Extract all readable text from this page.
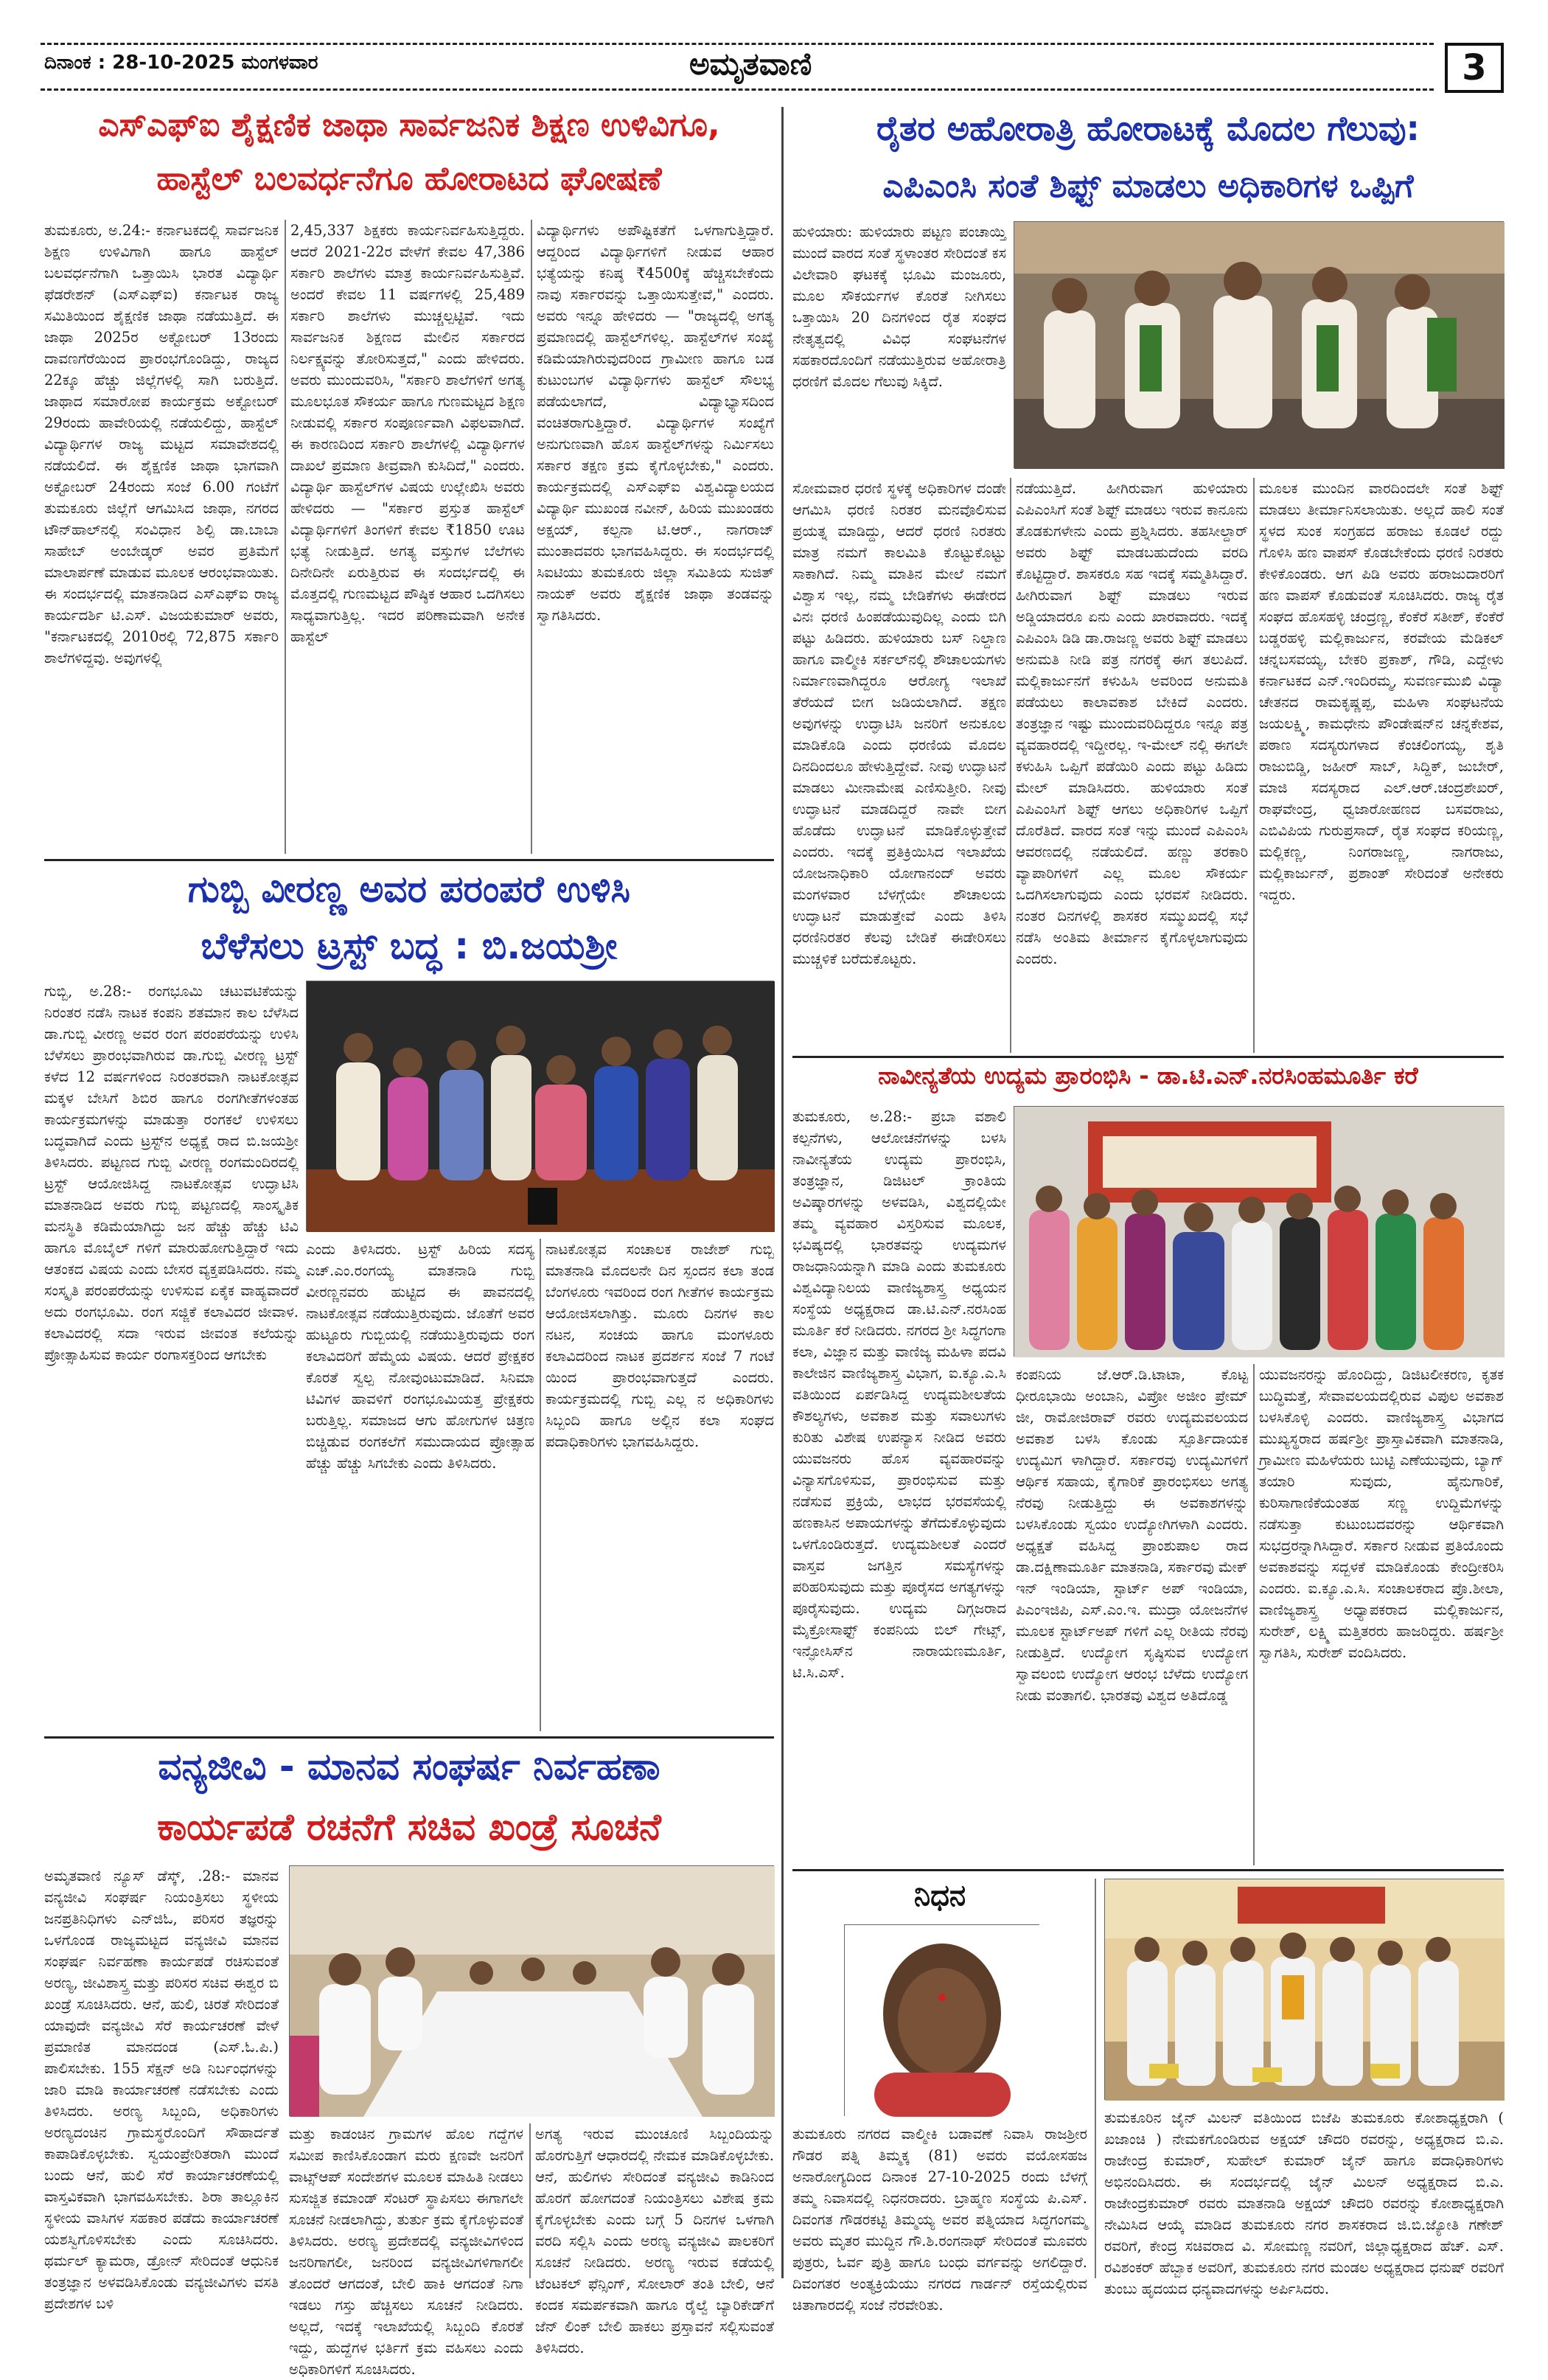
ದಿನಾಂಕ : 28-10-2025 ಮಂಗಳವಾರ	ಅಮೃತವಾಣಿ	3
ಎಸ್‌ಎಫ್‌ಐ ಶೈಕ್ಷಣಿಕ ಜಾಥಾ ಸಾರ್ವಜನಿಕ ಶಿಕ್ಷಣ ಉಳಿವಿಗೂ,
ಹಾಸ್ಟೆಲ್ ಬಲವರ್ಧನೆಗೂ ಹೋರಾಟದ ಘೋಷಣೆ
ತುಮಕೂರು, ಅ.24:- ಕರ್ನಾಟಕದಲ್ಲಿ ಸಾರ್ವಜನಿಕ ಶಿಕ್ಷಣ ಉಳಿವಿಗಾಗಿ ಹಾಗೂ ಹಾಸ್ಟೆಲ್ ಬಲವರ್ಧನೆಗಾಗಿ ಒತ್ತಾಯಿಸಿ ಭಾರತ ವಿದ್ಯಾರ್ಥಿ ಫೆಡರೇಶನ್ (ಎಸ್‌ಎಫ್‌ಐ) ಕರ್ನಾಟಕ ರಾಜ್ಯ ಸಮಿತಿಯಿಂದ ಶೈಕ್ಷಣಿಕ ಜಾಥಾ ನಡೆಯುತ್ತಿದೆ. ಈ ಜಾಥಾ 2025ರ ಅಕ್ಟೋಬರ್ 13ರಂದು ದಾವಣಗೆರೆಯಿಂದ ಪ್ರಾರಂಭಗೊಂಡಿದ್ದು, ರಾಜ್ಯದ 22ಕ್ಕೂ ಹೆಚ್ಚು ಜಿಲ್ಲೆಗಳಲ್ಲಿ ಸಾಗಿ ಬರುತ್ತಿದೆ. ಜಾಥಾದ ಸಮಾರೋಪ ಕಾರ್ಯಕ್ರಮ ಅಕ್ಟೋಬರ್ 29ರಂದು ಹಾವೇರಿಯಲ್ಲಿ ನಡೆಯಲಿದ್ದು, ಹಾಸ್ಟೆಲ್ ವಿದ್ಯಾರ್ಥಿಗಳ ರಾಜ್ಯ ಮಟ್ಟದ ಸಮಾವೇಶದಲ್ಲಿ ನಡೆಯಲಿದೆ. ಈ ಶೈಕ್ಷಣಿಕ ಜಾಥಾ ಭಾಗವಾಗಿ ಅಕ್ಟೋಬರ್ 24ರಂದು ಸಂಜೆ 6.00 ಗಂಟೆಗೆ ತುಮಕೂರು ಜಿಲ್ಲೆಗೆ ಆಗಮಿಸಿದ ಜಾಥಾ, ನಗರದ ಟೌನ್‌ಹಾಲ್‌ನಲ್ಲಿ ಸಂವಿಧಾನ ಶಿಲ್ಪಿ ಡಾ.ಬಾಬಾ ಸಾಹೇಬ್ ಅಂಬೇಡ್ಕರ್ ಅವರ ಪ್ರತಿಮೆಗೆ ಮಾಲಾರ್ಪಣೆ ಮಾಡುವ ಮೂಲಕ ಆರಂಭವಾಯಿತು. ಈ ಸಂದರ್ಭದಲ್ಲಿ ಮಾತನಾಡಿದ ಎಸ್‌ಎಫ್‌ಐ ರಾಜ್ಯ ಕಾರ್ಯದರ್ಶಿ ಟಿ.ಎಸ್. ವಿಜಯಕುಮಾರ್ ಅವರು, "ಕರ್ನಾಟಕದಲ್ಲಿ 2010ರಲ್ಲಿ 72,875 ಸರ್ಕಾರಿ ಶಾಲೆಗಳಿದ್ದವು. ಅವುಗಳಲ್ಲಿ
2,45,337 ಶಿಕ್ಷಕರು ಕಾರ್ಯನಿರ್ವಹಿಸುತ್ತಿದ್ದರು. ಆದರೆ 2021-22ರ ವೇಳೆಗೆ ಕೇವಲ 47,386 ಸರ್ಕಾರಿ ಶಾಲೆಗಳು ಮಾತ್ರ ಕಾರ್ಯನಿರ್ವಹಿಸುತ್ತಿವೆ. ಅಂದರೆ ಕೇವಲ 11 ವರ್ಷಗಳಲ್ಲಿ 25,489 ಸರ್ಕಾರಿ ಶಾಲೆಗಳು ಮುಚ್ಚಲ್ಪಟ್ಟಿವೆ. ಇದು ಸಾರ್ವಜನಿಕ ಶಿಕ್ಷಣದ ಮೇಲಿನ ಸರ್ಕಾರದ ನಿರ್ಲಕ್ಷ್ಯವನ್ನು ತೋರಿಸುತ್ತದೆ," ಎಂದು ಹೇಳಿದರು. ಅವರು ಮುಂದುವರಿಸಿ, "ಸರ್ಕಾರಿ ಶಾಲೆಗಳಿಗೆ ಅಗತ್ಯ ಮೂಲಭೂತ ಸೌಕರ್ಯ ಹಾಗೂ ಗುಣಮಟ್ಟದ ಶಿಕ್ಷಣ ನೀಡುವಲ್ಲಿ ಸರ್ಕಾರ ಸಂಪೂರ್ಣವಾಗಿ ವಿಫಲವಾಗಿದೆ. ಈ ಕಾರಣದಿಂದ ಸರ್ಕಾರಿ ಶಾಲೆಗಳಲ್ಲಿ ವಿದ್ಯಾರ್ಥಿಗಳ ದಾಖಲೆ ಪ್ರಮಾಣ ತೀವ್ರವಾಗಿ ಕುಸಿದಿದೆ," ಎಂದರು. ವಿದ್ಯಾರ್ಥಿ ಹಾಸ್ಟೆಲ್‌ಗಳ ವಿಷಯ ಉಲ್ಲೇಖಿಸಿ ಅವರು ಹೇಳಿದರು — "ಸರ್ಕಾರ ಪ್ರಸ್ತುತ ಹಾಸ್ಟೆಲ್ ವಿದ್ಯಾರ್ಥಿಗಳಿಗೆ ತಿಂಗಳಿಗೆ ಕೇವಲ ₹1850 ಊಟ ಭತ್ಯೆ ನೀಡುತ್ತಿದೆ. ಅಗತ್ಯ ವಸ್ತುಗಳ ಬೆಲೆಗಳು ದಿನೇದಿನೇ ಏರುತ್ತಿರುವ ಈ ಸಂದರ್ಭದಲ್ಲಿ ಈ ಮೊತ್ತದಲ್ಲಿ ಗುಣಮಟ್ಟದ ಪೌಷ್ಠಿಕ ಆಹಾರ ಒದಗಿಸಲು ಸಾಧ್ಯವಾಗುತ್ತಿಲ್ಲ. ಇದರ ಪರಿಣಾಮವಾಗಿ ಅನೇಕ ಹಾಸ್ಟೆಲ್
ವಿದ್ಯಾರ್ಥಿಗಳು ಅಪೌಷ್ಟಿಕತೆಗೆ ಒಳಗಾಗುತ್ತಿದ್ದಾರೆ. ಆದ್ದರಿಂದ ವಿದ್ಯಾರ್ಥಿಗಳಿಗೆ ನೀಡುವ ಆಹಾರ ಭತ್ಯೆಯನ್ನು ಕನಿಷ್ಠ ₹4500ಕ್ಕೆ ಹೆಚ್ಚಿಸಬೇಕೆಂದು ನಾವು ಸರ್ಕಾರವನ್ನು ಒತ್ತಾಯಿಸುತ್ತೇವೆ," ಎಂದರು. ಅವರು ಇನ್ನೂ ಹೇಳಿದರು — "ರಾಜ್ಯದಲ್ಲಿ ಅಗತ್ಯ ಪ್ರಮಾಣದಲ್ಲಿ ಹಾಸ್ಟೆಲ್‌ಗಳಿಲ್ಲ. ಹಾಸ್ಟೆಲ್‌ಗಳ ಸಂಖ್ಯೆ ಕಡಿಮೆಯಾಗಿರುವುದರಿಂದ ಗ್ರಾಮೀಣ ಹಾಗೂ ಬಡ ಕುಟುಂಬಗಳ ವಿದ್ಯಾರ್ಥಿಗಳು ಹಾಸ್ಟೆಲ್ ಸೌಲಭ್ಯ ಪಡೆಯಲಾಗದೆ, ವಿದ್ಯಾಭ್ಯಾಸದಿಂದ ವಂಚಿತರಾಗುತ್ತಿದ್ದಾರೆ. ವಿದ್ಯಾರ್ಥಿಗಳ ಸಂಖ್ಯೆಗೆ ಅನುಗುಣವಾಗಿ ಹೊಸ ಹಾಸ್ಟೆಲ್‌ಗಳನ್ನು ನಿರ್ಮಿಸಲು ಸರ್ಕಾರ ತಕ್ಷಣ ಕ್ರಮ ಕೈಗೊಳ್ಳಬೇಕು," ಎಂದರು. ಕಾರ್ಯಕ್ರಮದಲ್ಲಿ ಎಸ್‌ಎಫ್‌ಐ ವಿಶ್ವವಿದ್ಯಾಲಯದ ವಿದ್ಯಾರ್ಥಿ ಮುಖಂಡ ನವೀನ್, ಹಿರಿಯ ಮುಖಂಡರು ಅಕ್ಷಯ್, ಕಲ್ಪನಾ ಟಿ.ಆರ್., ನಾಗರಾಜ್ ಮುಂತಾದವರು ಭಾಗವಹಿಸಿದ್ದರು. ಈ ಸಂದರ್ಭದಲ್ಲಿ ಸಿಐಟಿಯು ತುಮಕೂರು ಜಿಲ್ಲಾ ಸಮಿತಿಯ ಸುಜಿತ್ ನಾಯಕ್ ಅವರು ಶೈಕ್ಷಣಿಕ ಜಾಥಾ ತಂಡವನ್ನು ಸ್ವಾಗತಿಸಿದರು.
ರೈತರ ಅಹೋರಾತ್ರಿ ಹೋರಾಟಕ್ಕೆ ಮೊದಲ ಗೆಲುವು:
ಎಪಿಎಂಸಿ ಸಂತೆ ಶಿಫ್ಟ್ ಮಾಡಲು ಅಧಿಕಾರಿಗಳ ಒಪ್ಪಿಗೆ
ಹುಳಿಯಾರು: ಹುಳಿಯಾರು ಪಟ್ಟಣ ಪಂಚಾಯ್ತಿ ಮುಂದೆ ವಾರದ ಸಂತೆ ಸ್ಥಳಾಂತರ ಸೇರಿದಂತೆ ಕಸ ವಿಲೇವಾರಿ ಘಟಕಕ್ಕೆ ಭೂಮಿ ಮಂಜೂರು, ಮೂಲ ಸೌಕರ್ಯಗಳ ಕೊರತೆ ನೀಗಿಸಲು ಒತ್ತಾಯಿಸಿ 20 ದಿನಗಳಿಂದ ರೈತ ಸಂಘದ ನೇತೃತ್ವದಲ್ಲಿ ವಿವಿಧ ಸಂಘಟನೆಗಳ ಸಹಕಾರದೊಂದಿಗೆ ನಡೆಯುತ್ತಿರುವ ಅಹೋರಾತ್ರಿ ಧರಣಿಗೆ ಮೊದಲ ಗೆಲುವು ಸಿಕ್ಕಿದೆ.
ಸೋಮವಾರ ಧರಣಿ ಸ್ಥಳಕ್ಕೆ ಅಧಿಕಾರಿಗಳ ದಂಡೇ ಆಗಮಿಸಿ ಧರಣಿ ನಿರತರ ಮನವೊಲಿಸುವ ಪ್ರಯತ್ನ ಮಾಡಿದ್ದು, ಆದರೆ ಧರಣಿ ನಿರತರು ಮಾತ್ರ ನಮಗೆ ಕಾಲಮಿತಿ ಕೊಟ್ಟುಕೊಟ್ಟು ಸಾಕಾಗಿದೆ. ನಿಮ್ಮ ಮಾತಿನ ಮೇಲೆ ನಮಗೆ ವಿಶ್ವಾಸ ಇಲ್ಲ, ನಮ್ಮ ಬೇಡಿಕೆಗಳು ಈಡೇರದ ವಿನಃ ಧರಣಿ ಹಿಂಪಡೆಯುವುದಿಲ್ಲ ಎಂದು ಬಿಗಿ ಪಟ್ಟು ಹಿಡಿದರು. ಹುಳಿಯಾರು ಬಸ್ ನಿಲ್ದಾಣ ಹಾಗೂ ವಾಲ್ಮೀಕಿ ಸರ್ಕಲ್‌ನಲ್ಲಿ ಶೌಚಾಲಯಗಳು ನಿರ್ಮಾಣವಾಗಿದ್ದರೂ ಆರೋಗ್ಯ ಇಲಾಖೆ ತೆರೆಯದೆ ಬೀಗ ಜಡಿಯಲಾಗಿದೆ. ತಕ್ಷಣ ಅವುಗಳನ್ನು ಉದ್ಘಾಟಿಸಿ ಜನರಿಗೆ ಅನುಕೂಲ ಮಾಡಿಕೊಡಿ ಎಂದು ಧರಣಿಯ ಮೊದಲ ದಿನದಿಂದಲೂ ಹೇಳುತ್ತಿದ್ದೇವೆ. ನೀವು ಉದ್ಘಾಟನೆ ಮಾಡಲು ಮೀನಾಮೇಷ ಎಣಿಸುತ್ತೀರಿ. ನೀವು ಉದ್ಘಾಟನೆ ಮಾಡದಿದ್ದರೆ ನಾವೇ ಬೀಗ ಹೊಡೆದು ಉದ್ಘಾಟನೆ ಮಾಡಿಕೊಳ್ಳುತ್ತೇವೆ ಎಂದರು. ಇದಕ್ಕೆ ಪ್ರತಿಕ್ರಿಯಿಸಿದ ಇಲಾಖೆಯ ಯೋಜನಾಧಿಕಾರಿ ಯೋಗಾನಂದ್ ಅವರು ಮಂಗಳವಾರ ಬೆಳಗ್ಗೆಯೇ ಶೌಚಾಲಯ ಉದ್ಘಾಟನೆ ಮಾಡುತ್ತೇವೆ ಎಂದು ತಿಳಿಸಿ ಧರಣಿನಿರತರ ಕೆಲವು ಬೇಡಿಕೆ ಈಡೇರಿಸಲು ಮುಚ್ಚಳಿಕೆ ಬರೆದುಕೊಟ್ಟರು.
ನಡೆಯುತ್ತಿದೆ. ಹೀಗಿರುವಾಗ ಹುಳಿಯಾರು ಎಪಿಎಂಸಿಗೆ ಸಂತೆ ಶಿಫ್ಟ್ ಮಾಡಲು ಇರುವ ಕಾನೂನು ತೊಡಕುಗಳೇನು ಎಂದು ಪ್ರಶ್ನಿಸಿದರು. ತಹಸೀಲ್ದಾರ್ ಅವರು ಶಿಫ್ಟ್ ಮಾಡಬಹುದೆಂದು ವರದಿ ಕೊಟ್ಟಿದ್ದಾರೆ. ಶಾಸಕರೂ ಸಹ ಇದಕ್ಕೆ ಸಮ್ಮತಿಸಿದ್ದಾರೆ. ಹೀಗಿರುವಾಗ ಶಿಫ್ಟ್ ಮಾಡಲು ಇರುವ ಅಡ್ಡಿಯಾದರೂ ಏನು ಎಂದು ಖಾರವಾದರು. ಇದಕ್ಕೆ ಎಪಿಎಂಸಿ ಡಿಡಿ ಡಾ.ರಾಜಣ್ಣ ಅವರು ಶಿಫ್ಟ್ ಮಾಡಲು ಅನುಮತಿ ನೀಡಿ ಪತ್ರ ನಗರಕ್ಕೆ ಈಗ ತಲುಪಿದೆ. ಮಲ್ಲಿಕಾರ್ಜುನಗೆ ಕಳುಹಿಸಿ ಅವರಿಂದ ಅನುಮತಿ ಪಡೆಯಲು ಕಾಲಾವಕಾಶ ಬೇಕಿದೆ ಎಂದರು. ತಂತ್ರಜ್ಞಾನ ಇಷ್ಟು ಮುಂದುವರಿದಿದ್ದರೂ ಇನ್ನೂ ಪತ್ರ ವ್ಯವಹಾರದಲ್ಲಿ ಇದ್ದೀರಲ್ಲ. ಇ-ಮೇಲ್ ನಲ್ಲಿ ಈಗಲೇ ಕಳುಹಿಸಿ ಒಪ್ಪಿಗೆ ಪಡೆಯಿರಿ ಎಂದು ಪಟ್ಟು ಹಿಡಿದು ಮೇಲ್ ಮಾಡಿಸಿದರು. ಹುಳಿಯಾರು ಸಂತೆ ಎಪಿಎಂಸಿಗೆ ಶಿಫ್ಟ್ ಆಗಲು ಅಧಿಕಾರಿಗಳ ಒಪ್ಪಿಗೆ ದೊರೆತಿದೆ. ವಾರದ ಸಂತೆ ಇನ್ನು ಮುಂದೆ ಎಪಿಎಂಸಿ ಆವರಣದಲ್ಲಿ ನಡೆಯಲಿದೆ. ಹಣ್ಣು ತರಕಾರಿ ವ್ಯಾಪಾರಿಗಳಿಗೆ ಎಲ್ಲ ಮೂಲ ಸೌಕರ್ಯ ಒದಗಿಸಲಾಗುವುದು ಎಂದು ಭರವಸೆ ನೀಡಿದರು. ನಂತರ ದಿನಗಳಲ್ಲಿ ಶಾಸಕರ ಸಮ್ಮುಖದಲ್ಲಿ ಸಭೆ ನಡೆಸಿ ಅಂತಿಮ ತೀರ್ಮಾನ ಕೈಗೊಳ್ಳಲಾಗುವುದು ಎಂದರು.
ಮೂಲಕ ಮುಂದಿನ ವಾರದಿಂದಲೇ ಸಂತೆ ಶಿಫ್ಟ್ ಮಾಡಲು ತೀರ್ಮಾನಿಸಲಾಯಿತು. ಅಲ್ಲದೆ ಹಾಲಿ ಸಂತೆ ಸ್ಥಳದ ಸುಂಕ ಸಂಗ್ರಹದ ಹರಾಜು ಕೂಡಲೆ ರದ್ದು ಗೊಳಿಸಿ ಹಣ ವಾಪಸ್ ಕೊಡಬೇಕೆಂದು ಧರಣಿ ನಿರತರು ಕೇಳಿಕೊಂಡರು. ಆಗ ಪಿಡಿ ಅವರು ಹರಾಜುದಾರರಿಗೆ ಹಣ ವಾಪಸ್ ಕೊಡುವಂತೆ ಸೂಚಿಸಿದರು. ರಾಜ್ಯ ರೈತ ಸಂಘದ ಹೊಸಹಳ್ಳಿ ಚಂದ್ರಣ್ಣ, ಕೆಂಕೆರೆ ಸತೀಶ್, ಕೆಂಕೆರೆ ಬಡ್ಡರಹಳ್ಳಿ ಮಲ್ಲಿಕಾರ್ಜುನ, ಕರವೇಯ ಮೆಡಿಕಲ್ ಚನ್ನಬಸವಯ್ಯ, ಬೇಕರಿ ಪ್ರಕಾಶ್, ಗೌಡಿ, ಎದ್ದೇಳು ಕರ್ನಾಟಕದ ಎನ್.ಇಂದಿರಮ್ಮ, ಸುವರ್ಣಮುಖಿ ವಿದ್ಯಾ ಚೇತನದ ರಾಮಕೃಷ್ಣಪ್ಪ, ಮಹಿಳಾ ಸಂಘಟನೆಯ ಜಯಲಕ್ಷ್ಮಿ, ಕಾಮಧೇನು ಪೌಂಡೇಷನ್‌ನ ಚನ್ನಕೇಶವ, ಪಠಾಣ ಸದಸ್ಯರುಗಳಾದ ಕೆಂಚಲಿಂಗಯ್ಯ, ಶೃತಿ ರಾಜುಬಿಡ್ಡಿ, ಜಹೀರ್ ಸಾಬ್, ಸಿದ್ದಿಕ್, ಜುಬೇರ್, ಮಾಜಿ ಸದಸ್ಯರಾದ ಎಲ್.ಆರ್.ಚಂದ್ರಶೇಖರ್, ರಾಘವೇಂದ್ರ, ಧ್ವಜಾರೋಹಣದ ಬಸವರಾಜು, ಎಬಿವಿಪಿಯ ಗುರುಪ್ರಸಾದ್, ರೈತ ಸಂಘದ ಕರಿಯಣ್ಣ, ಮಲ್ಲಿಕಣ್ಣ, ನಿಂಗರಾಜಣ್ಣ, ನಾಗರಾಜು, ಮಲ್ಲಿಕಾರ್ಜುನ್, ಪ್ರಶಾಂತ್ ಸೇರಿದಂತೆ ಅನೇಕರು ಇದ್ದರು.
ಗುಬ್ಬಿ ವೀರಣ್ಣ ಅವರ ಪರಂಪರೆ ಉಳಿಸಿ
ಬೆಳೆಸಲು ಟ್ರಸ್ಟ್ ಬದ್ಧ : ಬಿ.ಜಯಶ್ರೀ
ಗುಬ್ಬಿ, ಅ.28:- ರಂಗಭೂಮಿ ಚಟುವಟಿಕೆಯನ್ನು ನಿರಂತರ ನಡೆಸಿ ನಾಟಕ ಕಂಪನಿ ಶತಮಾನ ಕಾಲ ಬೆಳೆಸಿದ ಡಾ.ಗುಬ್ಬಿ ವೀರಣ್ಣ ಅವರ ರಂಗ ಪರಂಪರೆಯನ್ನು ಉಳಿಸಿ ಬೆಳೆಸಲು ಪ್ರಾರಂಭವಾಗಿರುವ ಡಾ.ಗುಬ್ಬಿ ವೀರಣ್ಣ ಟ್ರಸ್ಟ್ ಕಳೆದ 12 ವರ್ಷಗಳಿಂದ ನಿರಂತರವಾಗಿ ನಾಟಕೋತ್ಸವ ಮಕ್ಕಳ ಬೇಸಿಗೆ ಶಿಬಿರ ಹಾಗೂ ರಂಗಗೀತೆಗಳಂತಹ ಕಾರ್ಯಕ್ರಮಗಳನ್ನು ಮಾಡುತ್ತಾ ರಂಗಕಲೆ ಉಳಿಸಲು ಬದ್ಧವಾಗಿದೆ ಎಂದು ಟ್ರಸ್ಟ್‌ನ ಅಧ್ಯಕ್ಷೆ ರಾದ ಬಿ.ಜಯಶ್ರೀ ತಿಳಿಸಿದರು. ಪಟ್ಟಣದ ಗುಬ್ಬಿ ವೀರಣ್ಣ ರಂಗಮಂದಿರದಲ್ಲಿ ಟ್ರಸ್ಟ್ ಆಯೋಜಿಸಿದ್ದ ನಾಟಕೋತ್ಸವ ಉದ್ಘಾಟಿಸಿ ಮಾತನಾಡಿದ ಅವರು ಗುಬ್ಬಿ ಪಟ್ಟಣದಲ್ಲಿ ಸಾಂಸ್ಕೃತಿಕ ಮನಸ್ಥಿತಿ ಕಡಿಮೆಯಾಗಿದ್ದು ಜನ ಹೆಚ್ಚು ಹೆಚ್ಚು ಟಿವಿ ಹಾಗೂ ಮೊಬೈಲ್ ಗಳಿಗೆ ಮಾರುಹೋಗುತ್ತಿದ್ದಾರೆ ಇದು ಆತಂಕದ ವಿಷಯ ಎಂದು ಬೇಸರ ವ್ಯಕ್ತಪಡಿಸಿದರು. ನಮ್ಮ ಸಂಸ್ಕೃತಿ ಪರಂಪರೆಯನ್ನು ಉಳಿಸುವ ಏಕೈಕ ವಾಹ್ಯವಾದರೆ ಅದು ರಂಗಭೂಮಿ. ರಂಗ ಸಜ್ಜಿಕೆ ಕಲಾವಿದರ ಜೀವಾಳ. ಕಲಾವಿದರಲ್ಲಿ ಸದಾ ಇರುವ ಜೀವಂತ ಕಲೆಯನ್ನು ಪ್ರೋತ್ಸಾಹಿಸುವ ಕಾರ್ಯ ರಂಗಾಸಕ್ತರಿಂದ ಆಗಬೇಕು
ಎಂದು ತಿಳಿಸಿದರು. ಟ್ರಸ್ಟ್ ಹಿರಿಯ ಸದಸ್ಯ ಎಚ್.ಎಂ.ರಂಗಯ್ಯ ಮಾತನಾಡಿ ಗುಬ್ಬಿ ವೀರಣ್ಣನವರು ಹುಟ್ಟಿದ ಈ ಪಾವನದಲ್ಲಿ ನಾಟಕೋತ್ಸವ ನಡೆಯುತ್ತಿರುವುದು. ಜೊತೆಗೆ ಅವರ ಹುಟ್ಟೂರು ಗುಬ್ಬಿಯಲ್ಲಿ ನಡೆಯುತ್ತಿರುವುದು ರಂಗ ಕಲಾವಿದರಿಗೆ ಹೆಮ್ಮೆಯ ವಿಷಯ. ಆದರೆ ಪ್ರೇಕ್ಷಕರ ಕೊರತೆ ಸ್ವಲ್ಪ ನೋವುಂಟುಮಾಡಿದೆ. ಸಿನಿಮಾ ಟಿವಿಗಳ ಹಾವಳಿಗೆ ರಂಗಭೂಮಿಯತ್ತ ಪ್ರೇಕ್ಷಕರು ಬರುತ್ತಿಲ್ಲ. ಸಮಾಜದ ಆಗು ಹೋಗುಗಳ ಚಿತ್ರಣ ಬಿಚ್ಚಿಡುವ ರಂಗಕಲೆಗೆ ಸಮುದಾಯದ ಪ್ರೋತ್ಸಾಹ ಹೆಚ್ಚು ಹೆಚ್ಚು ಸಿಗಬೇಕು ಎಂದು ತಿಳಿಸಿದರು.
ನಾಟಕೋತ್ಸವ ಸಂಚಾಲಕ ರಾಜೇಶ್ ಗುಬ್ಬಿ ಮಾತನಾಡಿ ಮೊದಲನೇ ದಿನ ಸ್ಪಂದನ ಕಲಾ ತಂಡ ಬೆಂಗಳೂರು ಇವರಿಂದ ರಂಗ ಗೀತೆಗಳ ಕಾರ್ಯಕ್ರಮ ಆಯೋಜಿಸಲಾಗಿತ್ತು. ಮೂರು ದಿನಗಳ ಕಾಲ ನಟನ, ಸಂಚಯ ಹಾಗೂ ಮಂಗಳೂರು ಕಲಾವಿದರಿಂದ ನಾಟಕ ಪ್ರದರ್ಶನ ಸಂಜೆ 7 ಗಂಟೆ ಯಿಂದ ಪ್ರಾರಂಭವಾಗುತ್ತದೆ ಎಂದರು. ಕಾರ್ಯಕ್ರಮದಲ್ಲಿ ಗುಬ್ಬಿ ಎಲ್ಲ ನ ಅಧಿಕಾರಿಗಳು ಸಿಬ್ಬಂದಿ ಹಾಗೂ ಅಲ್ಲಿನ ಕಲಾ ಸಂಘದ ಪದಾಧಿಕಾರಿಗಳು ಭಾಗವಹಿಸಿದ್ದರು.
ನಾವೀನ್ಯತೆಯ ಉದ್ಯಮ ಪ್ರಾರಂಭಿಸಿ - ಡಾ.ಟಿ.ಎನ್.ನರಸಿಂಹಮೂರ್ತಿ ಕರೆ
ತುಮಕೂರು, ಅ.28:- ಪ್ರಬಾ ವಶಾಲಿ ಕಲ್ಪನೆಗಳು, ಆಲೋಚನೆಗಳನ್ನು ಬಳಸಿ ನಾವೀನ್ಯತೆಯ ಉದ್ಯಮ ಪ್ರಾರಂಭಿಸಿ, ತಂತ್ರಜ್ಞಾನ, ಡಿಜಿಟಲ್ ಕ್ರಾಂತಿಯ ಅವಿಷ್ಕಾರಗಳನ್ನು ಅಳವಡಿಸಿ, ವಿಶ್ವದಲ್ಲಿಯೇ ತಮ್ಮ ವ್ಯವಹಾರ ವಿಸ್ತರಿಸುವ ಮೂಲಕ, ಭವಿಷ್ಯದಲ್ಲಿ ಭಾರತವನ್ನು ಉದ್ಯಮಗಳ ರಾಜಧಾನಿಯನ್ನಾಗಿ ಮಾಡಿ ಎಂದು ತುಮಕೂರು ವಿಶ್ವವಿದ್ಯಾನಿಲಯ ವಾಣಿಜ್ಯಶಾಸ್ತ್ರ ಅಧ್ಯಯನ ಸಂಸ್ಥೆಯ ಅಧ್ಯಕ್ಷರಾದ ಡಾ.ಟಿ.ಎನ್.ನರಸಿಂಹ ಮೂರ್ತಿ ಕರೆ ನೀಡಿದರು. ನಗರದ ಶ್ರೀ ಸಿದ್ಧಗಂಗಾ ಕಲಾ, ವಿಜ್ಞಾನ ಮತ್ತು ವಾಣಿಜ್ಯ ಮಹಿಳಾ ಪದವಿ ಕಾಲೇಜಿನ ವಾಣಿಜ್ಯಶಾಸ್ತ್ರ ವಿಭಾಗ, ಐ.ಕ್ಯೂ.ಎ.ಸಿ ವತಿಯಿಂದ ಏರ್ಪಡಿಸಿದ್ದ ಉದ್ಯಮಶೀಲತೆಯ ಕೌಶಲ್ಯಗಳು, ಅವಕಾಶ ಮತ್ತು ಸವಾಲುಗಳು ಕುರಿತು ವಿಶೇಷ ಉಪನ್ಯಾಸ ನೀಡಿದ ಅವರು ಯುವಜನರು ಹೊಸ ವ್ಯವಹಾರವನ್ನು ವಿನ್ಯಾಸಗೊಳಿಸುವ, ಪ್ರಾರಂಭಿಸುವ ಮತ್ತು ನಡೆಸುವ ಪ್ರಕ್ರಿಯೆ, ಲಾಭದ ಭರವಸೆಯಲ್ಲಿ ಹಣಕಾಸಿನ ಅಪಾಯಗಳನ್ನು ತೆಗೆದುಕೊಳ್ಳುವುದು ಒಳಗೊಂಡಿರುತ್ತದೆ. ಉದ್ಯಮಶೀಲತೆ ಎಂದರೆ ವಾಸ್ತವ ಜಗತ್ತಿನ ಸಮಸ್ಯೆಗಳನ್ನು ಪರಿಹರಿಸುವುದು ಮತ್ತು ಪೂರೈಸದ ಅಗತ್ಯಗಳನ್ನು ಪೂರೈಸುವುದು. ಉದ್ಯಮ ದಿಗ್ಗಜರಾದ ಮೈಕ್ರೋಸಾಫ್ಟ್ ಕಂಪನಿಯ ಬಿಲ್ ಗೇಟ್ಸ್, ಇನ್ಫೋಸಿಸ್‌ನ ನಾರಾಯಣಮೂರ್ತಿ, ಟಿ.ಸಿ.ಎಸ್.
ಕಂಪನಿಯ ಜೆ.ಆರ್.ಡಿ.ಟಾಟಾ, ಕೊಟ್ಟ ಧೀರೂಭಾಯಿ ಅಂಬಾನಿ, ವಿಪ್ರೋ ಅಜೀಂ ಪ್ರೇಮ್ ಜೀ, ರಾಮೋಜಿರಾವ್ ರವರು ಉದ್ಯಮವಲಯದ ಅವಕಾಶ ಬಳಸಿ ಕೊಂಡು ಸ್ಪೂರ್ತಿದಾಯಕ ಉದ್ಯಮಿಗ ಳಾಗಿದ್ದಾರೆ. ಸರ್ಕಾರವು ಉದ್ಯಮಿಗಳಿಗೆ ಆರ್ಥಿಕ ಸಹಾಯ, ಕೈಗಾರಿಕೆ ಪ್ರಾರಂಭಿಸಲು ಅಗತ್ಯ ನೆರವು ನೀಡುತ್ತಿದ್ದು ಈ ಅವಕಾಶಗಳನ್ನು ಬಳಸಿಕೊಂಡು ಸ್ವಯಂ ಉದ್ಯೋಗಿಗಳಾಗಿ ಎಂದರು. ಅಧ್ಯಕ್ಷತೆ ವಹಿಸಿದ್ದ ಪ್ರಾಂಶುಪಾಲ ರಾದ ಡಾ.ದಕ್ಷಿಣಾಮೂರ್ತಿ ಮಾತನಾಡಿ, ಸರ್ಕಾರವು ಮೇಕ್ ಇನ್ ಇಂಡಿಯಾ, ಸ್ಟಾರ್ಟ್ ಅಪ್ ಇಂಡಿಯಾ, ಪಿಎಂಇಜಿಪಿ, ಎಸ್.ಎಂ.ಇ. ಮುದ್ರಾ ಯೋಜನೆಗಳ ಮೂಲಕ ಸ್ಟಾರ್ಟ್‌ಅಪ್ ಗಳಿಗೆ ಎಲ್ಲ ರೀತಿಯ ನೆರವು ನೀಡುತ್ತಿದೆ. ಉದ್ಯೋಗ ಸೃಷ್ಠಿಸುವ ಉದ್ಯೋಗ ಸ್ವಾವಲಂಬಿ ಉದ್ಯೋಗ ಆರಂಭ ಬೆಳೆದು ಉದ್ಯೋಗ ನೀಡು ವಂತಾಗಲಿ. ಭಾರತವು ವಿಶ್ವದ ಅತಿದೊಡ್ಡ
ಯುವಜನರನ್ನು ಹೊಂದಿದ್ದು, ಡಿಜಿಟಲೀಕರಣ, ಕೃತಕ ಬುದ್ಧಿಮತ್ತೆ, ಸೇವಾವಲಯದಲ್ಲಿರುವ ವಿಪುಲ ಅವಕಾಶ ಬಳಸಿಕೊಳ್ಳಿ ಎಂದರು. ವಾಣಿಜ್ಯಶಾಸ್ತ್ರ ವಿಭಾಗದ ಮುಖ್ಯಸ್ಥರಾದ ಹರ್ಷಶ್ರೀ ಪ್ರಾಸ್ತಾವಿಕವಾಗಿ ಮಾತನಾಡಿ, ಗ್ರಾಮೀಣ ಮಹಿಳೆಯರು ಬುಟ್ಟಿ ಎಣೆಯುವುದು, ಬ್ಯಾಗ್ ತಯಾರಿ ಸುವುದು, ಹೈನುಗಾರಿಕೆ, ಕುರಿಸಾಗಾಣಿಕೆಯಂತಹ ಸಣ್ಣ ಉದ್ದಿಮೆಗಳನ್ನು ನಡೆಸುತ್ತಾ ಕುಟುಂಬದವರನ್ನು ಆರ್ಥಿಕವಾಗಿ ಸುಭದ್ರರನ್ನಾಗಿಸಿದ್ದಾರೆ. ಸರ್ಕಾರ ನೀಡುವ ಪ್ರತಿಯೊಂದು ಅವಕಾಶವನ್ನು ಸದ್ಬಳಕೆ ಮಾಡಿಕೊಂಡು ಕೇಂದ್ರೀಕರಿಸಿ ಎಂದರು. ಐ.ಕ್ಯೂ.ಎ.ಸಿ. ಸಂಚಾಲಕರಾದ ಪ್ರೊ.ಶೀಲಾ, ವಾಣಿಜ್ಯಶಾಸ್ತ್ರ ಅಧ್ಯಾಪಕರಾದ ಮಲ್ಲಿಕಾರ್ಜುನ, ಸುರೇಶ್, ಲಕ್ಷ್ಮಿ ಮತ್ತಿತರರು ಹಾಜರಿದ್ದರು. ಹರ್ಷಶ್ರೀ ಸ್ವಾಗತಿಸಿ, ಸುರೇಶ್ ವಂದಿಸಿದರು.
ವನ್ಯಜೀವಿ - ಮಾನವ ಸಂಘರ್ಷ ನಿರ್ವಹಣಾ
ಕಾರ್ಯಪಡೆ ರಚನೆಗೆ ಸಚಿವ ಖಂಡ್ರೆ ಸೂಚನೆ
ಅಮೃತವಾಣಿ ನ್ಯೂಸ್ ಡೆಸ್ಕ್, .28:- ಮಾನವ ವನ್ಯಜೀವಿ ಸಂಘರ್ಷ ನಿಯಂತ್ರಿಸಲು ಸ್ಥಳೀಯ ಜನಪ್ರತಿನಿಧಿಗಳು ಎನ್‌ಜಿಓ, ಪರಿಸರ ತಜ್ಞರನ್ನು ಒಳಗೊಂಡ ರಾಜ್ಯಮಟ್ಟದ ವನ್ಯಜೀವಿ ಮಾನವ ಸಂಘರ್ಷ ನಿರ್ವಹಣಾ ಕಾರ್ಯಪಡೆ ರಚಿಸುವಂತೆ ಅರಣ್ಯ, ಜೀವಿಶಾಸ್ತ್ರ ಮತ್ತು ಪರಿಸರ ಸಚಿವ ಈಶ್ವರ ಬಿ ಖಂಡ್ರೆ ಸೂಚಿಸಿದರು. ಆನೆ, ಹುಲಿ, ಚಿರತೆ ಸೇರಿದಂತೆ ಯಾವುದೇ ವನ್ಯಜೀವಿ ಸೆರೆ ಕಾರ್ಯಚರಣೆ ವೇಳೆ ಪ್ರಮಾಣಿತ ಮಾನದಂಡ (ಎಸ್.ಓ.ಪಿ.) ಪಾಲಿಸಬೇಕು. 155 ಸೆಕ್ಷನ್ ಅಡಿ ನಿರ್ಬಂಧಗಳನ್ನು ಜಾರಿ ಮಾಡಿ ಕಾರ್ಯಾಚರಣೆ ನಡೆಸಬೇಕು ಎಂದು ತಿಳಿಸಿದರು. ಅರಣ್ಯ ಸಿಬ್ಬಂದಿ, ಅಧಿಕಾರಿಗಳು ಅರಣ್ಯದಂಚಿನ ಗ್ರಾಮಸ್ಥರೊಂದಿಗೆ ಸೌಹಾರ್ದತೆ ಕಾಪಾಡಿಕೊಳ್ಳಬೇಕು. ಸ್ವಯಂಪ್ರೇರಿತರಾಗಿ ಮುಂದೆ ಬಂದು ಆನೆ, ಹುಲಿ ಸೆರೆ ಕಾರ್ಯಾಚರಣೆಯಲ್ಲಿ ವಾಸ್ತವಿಕವಾಗಿ ಭಾಗವಹಿಸಬೇಕು. ಶಿರಾ ತಾಲ್ಲೂಕಿನ ಸ್ಥಳೀಯ ವಾಸಿಗಳ ಸಹಕಾರ ಪಡೆದು ಕಾರ್ಯಾಚರಣೆ ಯಶಸ್ವಿಗೊಳಿಸಬೇಕು ಎಂದು ಸೂಚಿಸಿದರು. ಥರ್ಮಲ್ ಕ್ಯಾಮರಾ, ಡ್ರೋನ್ ಸೇರಿದಂತೆ ಆಧುನಿಕ ತಂತ್ರಜ್ಞಾನ ಅಳವಡಿಸಿಕೊಂಡು ವನ್ಯಜೀವಿಗಳು ವಸತಿ ಪ್ರದೇಶಗಳ ಬಳಿ
ಮತ್ತು ಕಾಡಂಚಿನ ಗ್ರಾಮಗಳ ಹೊಲ ಗದ್ದೆಗಳ ಸಮೀಪ ಕಾಣಿಸಿಕೊಂಡಾಗ ಮರು ಕ್ಷಣವೇ ಜನರಿಗೆ ವಾಟ್ಸ್ಆಪ್ ಸಂದೇಶಗಳ ಮೂಲಕ ಮಾಹಿತಿ ನೀಡಲು ಸುಸಜ್ಜಿತ ಕಮಾಂಡ್ ಸೆಂಟರ್ ಸ್ಥಾಪಿಸಲು ಈಗಾಗಲೇ ಸೂಚನೆ ನೀಡಲಾಗಿದ್ದು, ತುರ್ತು ಕ್ರಮ ಕೈಗೊಳ್ಳುವಂತೆ ತಿಳಿಸಿದರು. ಅರಣ್ಯ ಪ್ರದೇಶದಲ್ಲಿ ವನ್ಯಜೀವಿಗಳಿಂದ ಜನರಿಗಾಗಲೀ, ಜನರಿಂದ ವನ್ಯಜೀವಿಗಳಿಗಾಗಲೀ ತೊಂದರೆ ಆಗದಂತೆ, ಬೇಲಿ ಹಾಕಿ ಆಗದಂತೆ ನಿಗಾ ಇಡಲು ಗಸ್ತು ಹೆಚ್ಚಿಸಲು ಸೂಚನೆ ನೀಡಿದರು. ಅಲ್ಲದೆ, ಇದಕ್ಕೆ ಇಲಾಖೆಯಲ್ಲಿ ಸಿಬ್ಬಂದಿ ಕೊರತೆ ಇದ್ದು, ಹುದ್ದೆಗಳ ಭರ್ತಿಗೆ ಕ್ರಮ ವಹಿಸಲು ಎಂದು ಅಧಿಕಾರಿಗಳಿಗೆ ಸೂಚಿಸಿದರು.
ಅಗತ್ಯ ಇರುವ ಮುಂಚೂಣಿ ಸಿಬ್ಬಂದಿಯನ್ನು ಹೊರಗುತ್ತಿಗೆ ಆಧಾರದಲ್ಲಿ ನೇಮಕ ಮಾಡಿಕೊಳ್ಳಬೇಕು. ಆನೆ, ಹುಲಿಗಳು ಸೇರಿದಂತೆ ವನ್ಯಜೀವಿ ಕಾಡಿನಿಂದ ಹೊರಗೆ ಹೋಗದಂತೆ ನಿಯಂತ್ರಿಸಲು ವಿಶೇಷ ಕ್ರಮ ಕೈಗೊಳ್ಳಬೇಕು ಎಂದು ಬಗ್ಗೆ 5 ದಿನಗಳ ಒಳಗಾಗಿ ವರದಿ ಸಲ್ಲಿಸಿ ಎಂದು ಅರಣ್ಯ ವನ್ಯಜೀವಿ ಪಾಲಕರಿಗೆ ಸೂಚನೆ ನೀಡಿದರು. ಅರಣ್ಯ ಇರುವ ಕಡೆಯಲ್ಲಿ ಟೆಂಟಕಲ್ ಫೆನ್ಸಿಂಗ್, ಸೋಲಾರ್ ತಂತಿ ಬೇಲಿ, ಆನೆ ಕಂದಕ ಸಮರ್ಪಕವಾಗಿ ಹಾಗೂ ರೈಲ್ವೆ ಬ್ಯಾರಿಕೇಡ್‌ಗೆ ಜೆನ್ ಲಿಂಕ್ ಬೇಲಿ ಹಾಕಲು ಪ್ರಸ್ತಾವನೆ ಸಲ್ಲಿಸುವಂತೆ ತಿಳಿಸಿದರು.
ನಿಧನ
ತುಮಕೂರು ನಗರದ ವಾಲ್ಮೀಕಿ ಬಡಾವಣೆ ನಿವಾಸಿ ರಾಜಶ್ರೀರ ಗೌಡರ ಪತ್ನಿ ತಿಮ್ಮಕ್ಕ (81) ಅವರು ವಯೋಸಹಜ ಅನಾರೋಗ್ಯದಿಂದ ದಿನಾಂಕ 27-10-2025 ರಂದು ಬೆಳಗ್ಗೆ ತಮ್ಮ ನಿವಾಸದಲ್ಲಿ ನಿಧನರಾದರು. ಬ್ರಾಹ್ಮಣ ಸಂಸ್ಥೆಯ ಪಿ.ಎಸ್. ದಿವಂಗತ ಗೌಡರಕಟ್ಟಿ ತಿಮ್ಮಯ್ಯ ಅವರ ಪತ್ನಿಯಾದ ಸಿದ್ಧಗಂಗಮ್ಮ ಅವರು ಮೃತರ ಮುದ್ದಿನ ಗೌ.ಶಿ.ರಂಗನಾಥ್ ಸೇರಿದಂತೆ ಮೂವರು ಪುತ್ರರು, ಓರ್ವ ಪುತ್ರಿ ಹಾಗೂ ಬಂಧು ವರ್ಗವನ್ನು ಅಗಲಿದ್ದಾರೆ. ದಿವಂಗತರ ಅಂತ್ಯಕ್ರಿಯೆಯು ನಗರದ ಗಾರ್ಡನ್ ರಸ್ತೆಯಲ್ಲಿರುವ ಚಿತಾಗಾರದಲ್ಲಿ ಸಂಜೆ ನೆರವೇರಿತು.
ತುಮಕೂರಿನ ಜೈನ್ ಮಿಲನ್ ವತಿಯಿಂದ ಬಿಜೆಪಿ ತುಮಕೂರು ಕೋಶಾಧ್ಯಕ್ಷರಾಗಿ ( ಖಜಾಂಚಿ ) ನೇಮಕಗೊಂಡಿರುವ ಅಕ್ಷಯ್ ಚೌದರಿ ರವರನ್ನು, ಅಧ್ಯಕ್ಷರಾದ ಬಿ.ಎ. ರಾಜೇಂದ್ರ ಕುಮಾರ್, ಸುಹೇಲ್ ಕುಮಾರ್ ಜೈನ್ ಹಾಗೂ ಪದಾಧಿಕಾರಿಗಳು ಅಭಿನಂದಿಸಿದರು. ಈ ಸಂದರ್ಭದಲ್ಲಿ ಜೈನ್ ಮಿಲನ್ ಅಧ್ಯಕ್ಷರಾದ ಬಿ.ಎ. ರಾಜೇಂದ್ರಕುಮಾರ್ ರವರು ಮಾತನಾಡಿ ಅಕ್ಷಯ್ ಚೌದರಿ ರವರನ್ನು ಕೋಶಾಧ್ಯಕ್ಷರಾಗಿ ನೇಮಿಸಿದ ಆಯ್ಕೆ ಮಾಡಿದ ತುಮಕೂರು ನಗರ ಶಾಸಕರಾದ ಜಿ.ಬಿ.ಜ್ಯೋತಿ ಗಣೇಶ್ ರವರಿಗೆ, ಕೇಂದ್ರ ಸಚಿವರಾದ ವಿ. ಸೋಮಣ್ಣ ನವರಿಗೆ, ಜಿಲ್ಲಾಧ್ಯಕ್ಷರಾದ ಹೆಚ್. ಎಸ್. ರವಿಶಂಕರ್ ಹೆಬ್ಬಾಕ ಅವರಿಗೆ, ತುಮಕೂರು ನಗರ ಮಂಡಲ ಅಧ್ಯಕ್ಷರಾದ ಧನುಷ್ ರವರಿಗೆ ತುಂಬು ಹೃದಯದ ಧನ್ಯವಾದಗಳನ್ನು ಅರ್ಪಿಸಿದರು.
